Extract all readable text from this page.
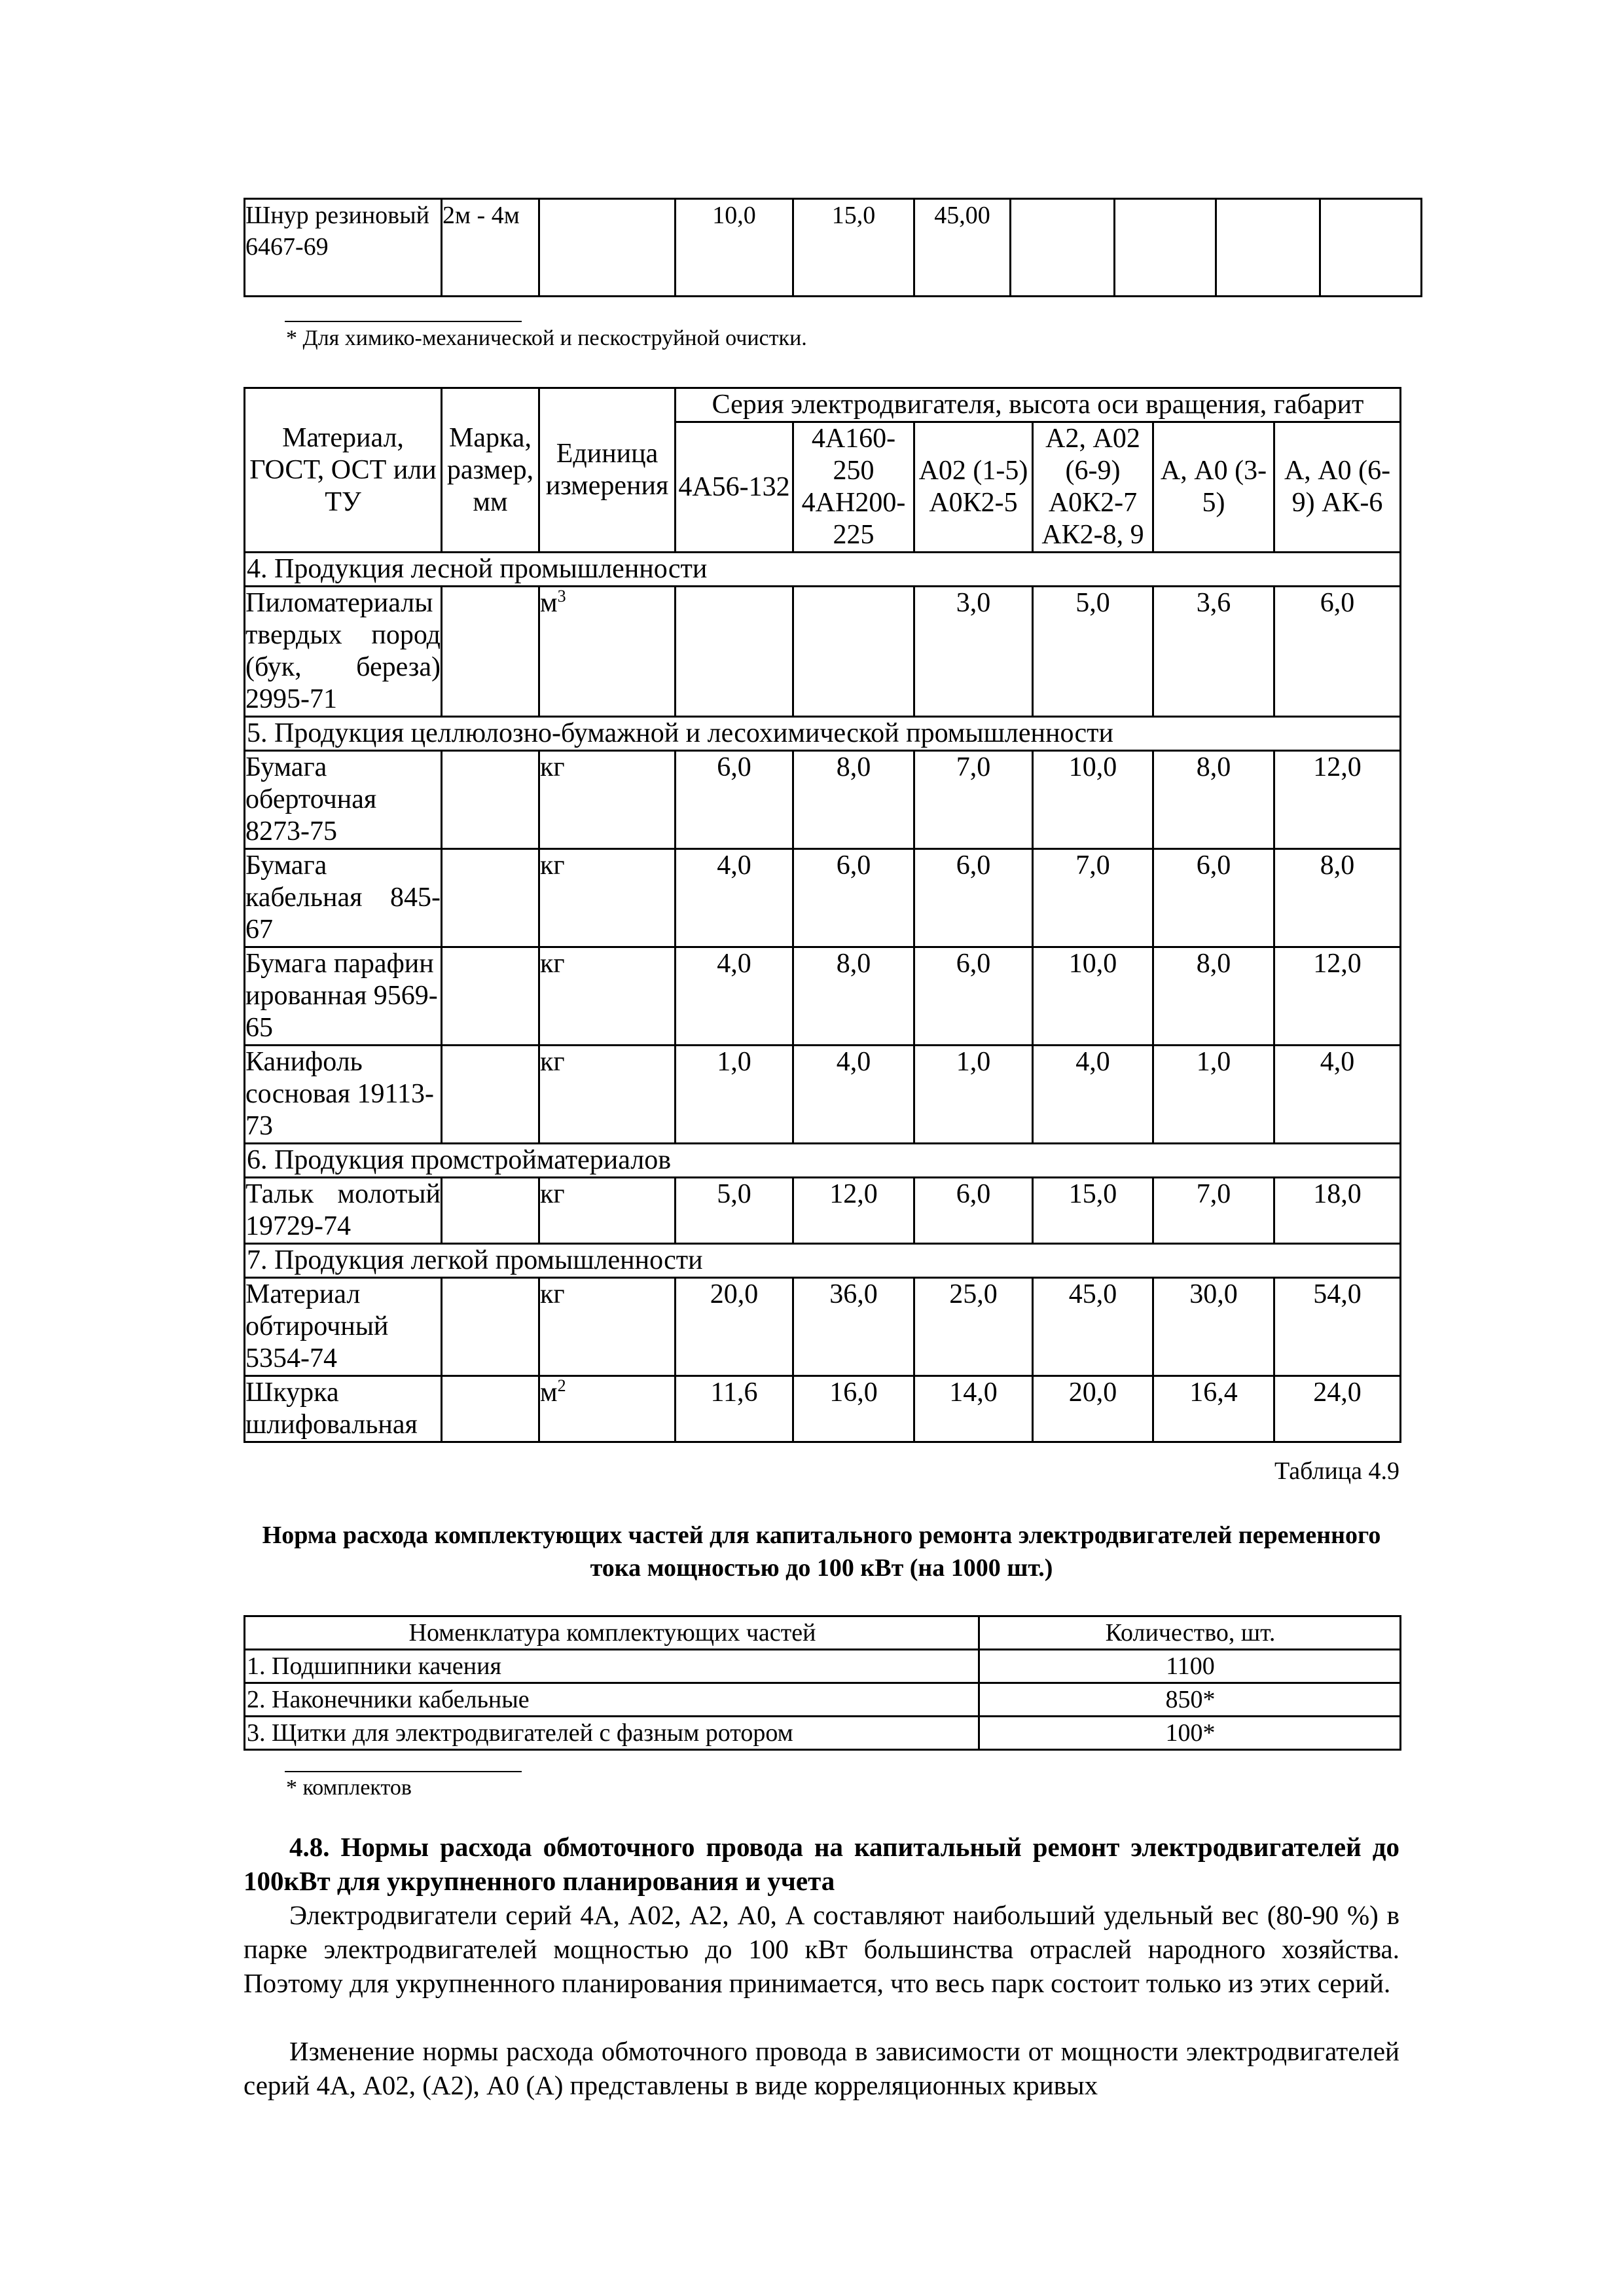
Шнур резиновый 6467-69	2м - 4м		10,0	15,0	45,00				
* Для химико-механической и пескоструйной очистки.
Материал, ГОСТ, ОСТ или ТУ	Марка, размер, мм	Единица измерения	Серия электродвигателя, высота оси вращения, габарит					
			4А56-132	4А160-250 4АН200-225	А02 (1-5) А0К2-5	А2, А02 (6-9) А0К2-7 АК2-8, 9	А, А0 (3-5)	А, А0 (6-9) АК-6
4. Продукция лесной промышленности								
Пиломатериалы твердых пород (бук, береза) 2995-71		$м^3$			3,0	5,0	3,6	6,0
5. Продукция целлюлозно-бумажной и лесохимической промышленности								
Бумага оберточная 8273-75		кг	6,0	8,0	7,0	10,0	8,0	12,0
Бумага кабельная 845-67		кг	4,0	6,0	6,0	7,0	6,0	8,0
Бумага парафинированная 9569-65		кг	4,0	8,0	6,0	10,0	8,0	12,0
Канифоль сосновая 19113-73		кг	1,0	4,0	1,0	4,0	1,0	4,0
6. Продукция промстройматериалов								
Тальк молотый 19729-74		кг	5,0	12,0	6,0	15,0	7,0	18,0
7. Продукция легкой промышленности								
Материал обтирочный 5354-74		кг	20,0	36,0	25,0	45,0	30,0	54,0
Шкурка шлифовальная		$м^2$	11,6	16,0	14,0	20,0	16,4	24,0
Таблица 4.9
Норма расхода комплектующих частей для капитального ремонта электродвигателей переменного тока мощностью до 100 кВт (на 1000 шт.)
Номенклатура комплектующих частей	Количество, шт.
1. Подшипники качения	1100
2. Наконечники кабельные	850*
3. Щитки для электродвигателей с фазным ротором	100*
* комплектов
4.8. Нормы расхода обмоточного провода на капитальный ремонт электродвигателей до 100кВт для укрупненного планирования и учета
Электродвигатели серий 4А, А02, А2, А0, А составляют наибольший удельный вес (80-90 %) в парке электродвигателей мощностью до 100 кВт большинства отраслей народного хозяйства. Поэтому для укрупненного планирования принимается, что весь парк состоит только из этих серий.
Изменение нормы расхода обмоточного провода в зависимости от мощности электродвигателей серий 4А, А02, (А2), А0 (А) представлены в виде корреляционных кривых
